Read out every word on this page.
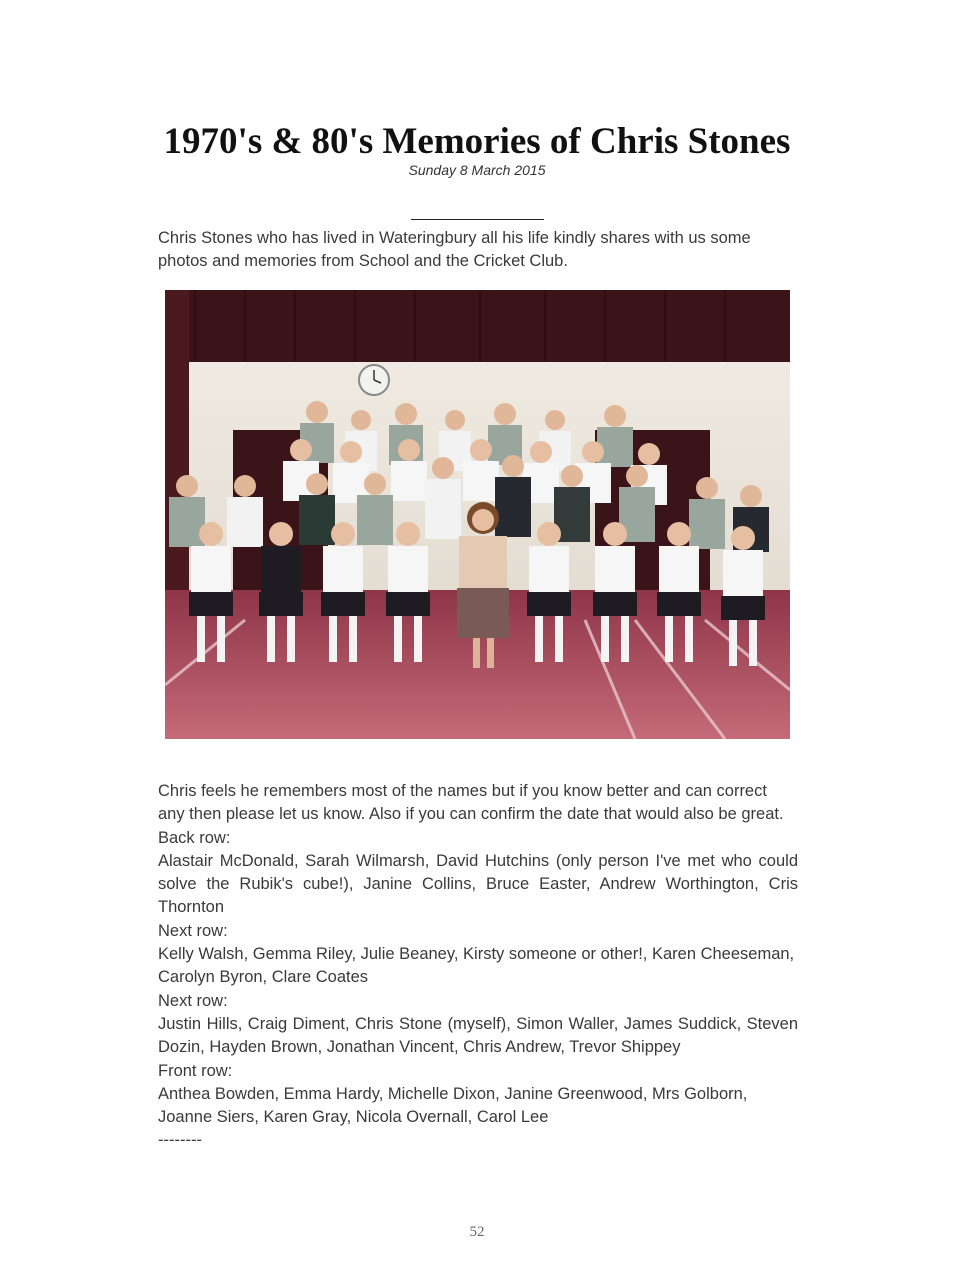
1970's & 80's Memories of Chris Stones
Sunday 8 March 2015
Chris Stones who has lived in Wateringbury all his life kindly shares with us some photos and memories from School and the Cricket Club.

Chris feels he remembers most of the names but if you know better and can correct any then please let us know. Also if you can confirm the date that would also be great.

Back row:

Alastair McDonald, Sarah Wilmarsh, David Hutchins (only person I've met who could solve the Rubik's cube!), Janine Collins, Bruce Easter, Andrew Worthington, Cris Thornton

Next row:

Kelly Walsh, Gemma Riley, Julie Beaney, Kirsty someone or other!, Karen Cheeseman, Carolyn Byron, Clare Coates

Next row:

Justin Hills, Craig Diment, Chris Stone (myself), Simon Waller, James Suddick, Steven Dozin, Hayden Brown, Jonathan Vincent, Chris Andrew, Trevor Shippey

Front row:

Anthea Bowden, Emma Hardy, Michelle Dixon, Janine Greenwood, Mrs Golborn, Joanne Siers, Karen Gray, Nicola Overnall, Carol Lee

--------

52
